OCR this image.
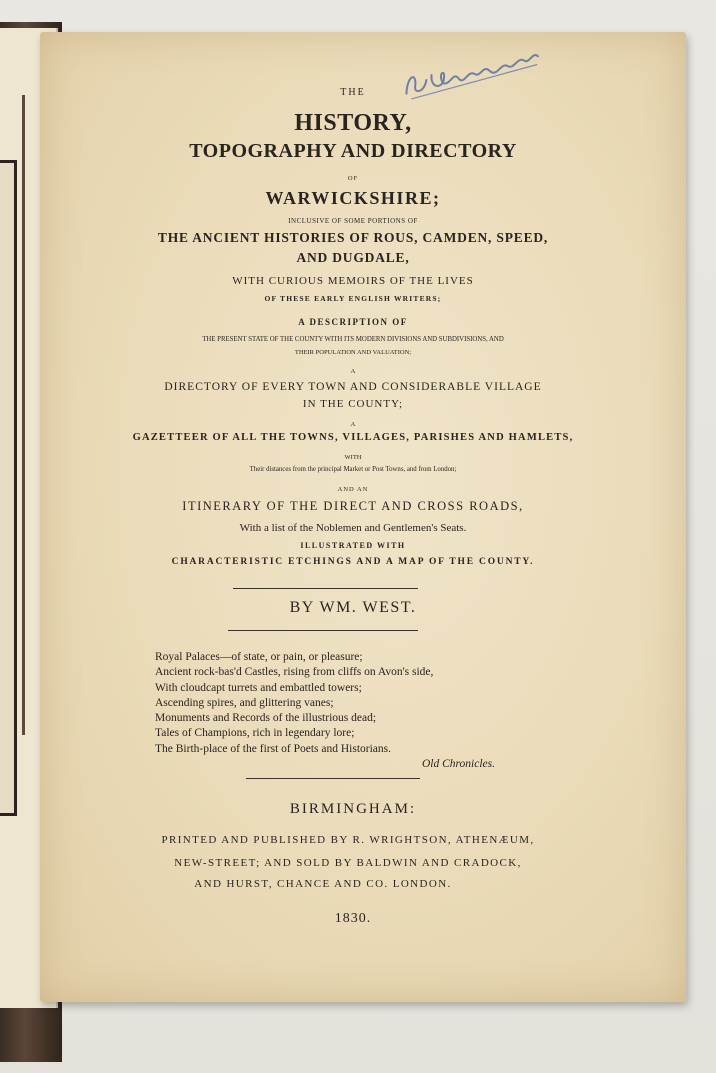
THE
HISTORY,
TOPOGRAPHY AND DIRECTORY
OF
WARWICKSHIRE;
INCLUSIVE OF SOME PORTIONS OF
THE ANCIENT HISTORIES OF ROUS, CAMDEN, SPEED,
AND DUGDALE,
WITH CURIOUS MEMOIRS OF THE LIVES
OF THESE EARLY ENGLISH WRITERS;
A DESCRIPTION OF
THE PRESENT STATE OF THE COUNTY WITH ITS MODERN DIVISIONS AND SUBDIVISIONS, AND
THEIR POPULATION AND VALUATION;
A
DIRECTORY OF EVERY TOWN AND CONSIDERABLE VILLAGE
IN THE COUNTY;
A
GAZETTEER OF ALL THE TOWNS, VILLAGES, PARISHES AND HAMLETS,
WITH
Their distances from the principal Market or Post Towns, and from London;
AND AN
ITINERARY OF THE DIRECT AND CROSS ROADS,
With a list of the Noblemen and Gentlemen's Seats.
ILLUSTRATED WITH
CHARACTERISTIC ETCHINGS AND A MAP OF THE COUNTY.
BY WM. WEST.
Royal Palaces—of state, or pain, or pleasure;
Ancient rock-bas'd Castles, rising from cliffs on Avon's side,
With cloudcapt turrets and embattled towers;
Ascending spires, and glittering vanes;
Monuments and Records of the illustrious dead;
Tales of Champions, rich in legendary lore;
The Birth-place of the first of Poets and Historians.
Old Chronicles.
BIRMINGHAM:
PRINTED AND PUBLISHED BY R. WRIGHTSON, ATHENÆUM,
NEW-STREET; AND SOLD BY BALDWIN AND CRADOCK,
AND HURST, CHANCE AND CO. LONDON.
1830.
